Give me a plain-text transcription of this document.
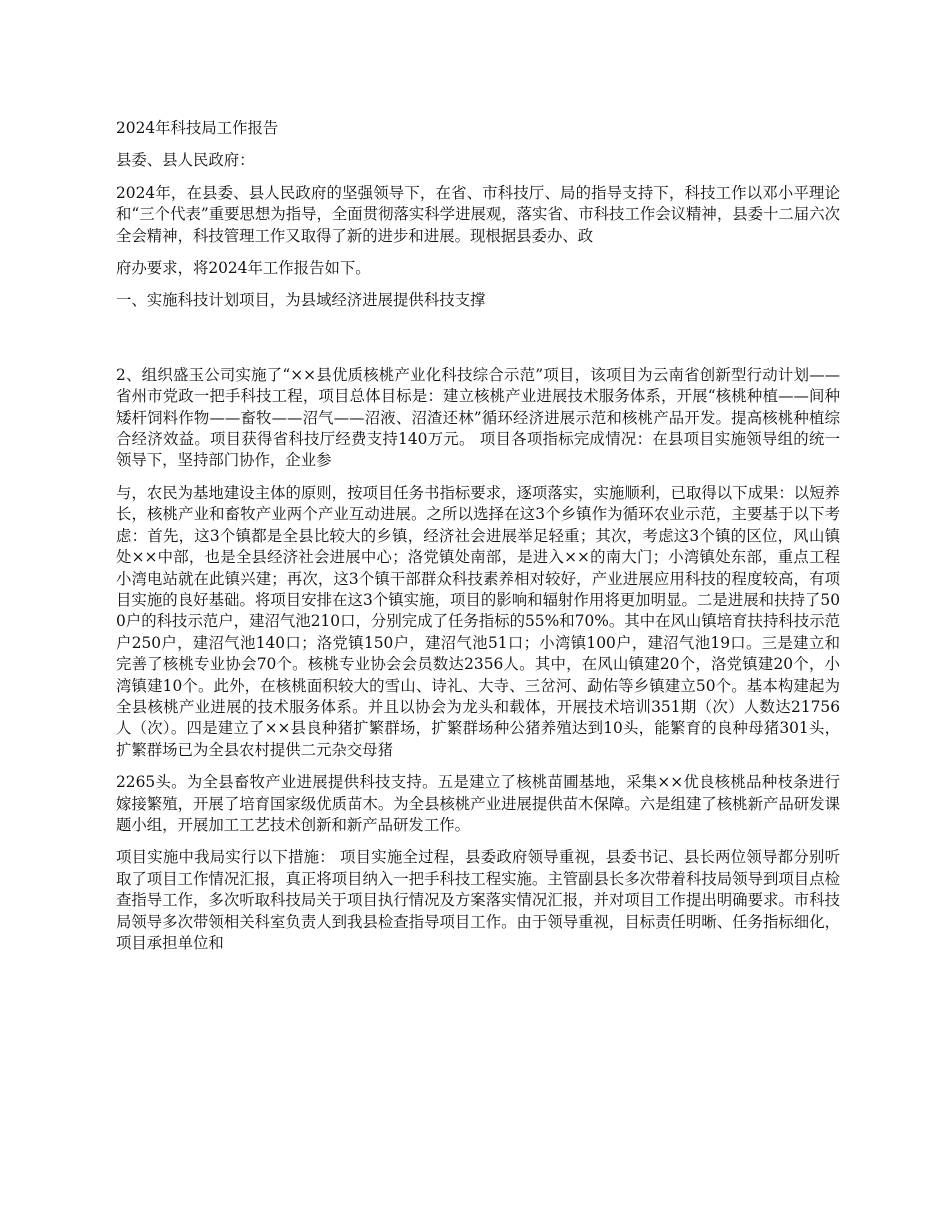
2024年科技局工作报告

县委、县人民政府：

2024年，在县委、县人民政府的坚强领导下，在省、市科技厅、局的指导支持下，科技工作以邓小平理论和“三个代表”重要思想为指导，全面贯彻落实科学进展观，落实省、市科技工作会议精神，县委十二届六次全会精神，科技管理工作又取得了新的进步和进展。现根据县委办、政

府办要求，将2024年工作报告如下。

一、实施科技计划项目，为县域经济进展提供科技支撑

2、组织盛玉公司实施了“××县优质核桃产业化科技综合示范”项目，该项目为云南省创新型行动计划——省州市党政一把手科技工程，项目总体目标是：建立核桃产业进展技术服务体系，开展“核桃种植——间种矮杆饲料作物——畜牧——沼气——沼液、沼渣还林”循环经济进展示范和核桃产品开发。提高核桃种植综合经济效益。项目获得省科技厅经费支持140万元。 项目各项指标完成情况：在县项目实施领导组的统一领导下，坚持部门协作，企业参

与，农民为基地建设主体的原则，按项目任务书指标要求，逐项落实，实施顺利，已取得以下成果：以短养长，核桃产业和畜牧产业两个产业互动进展。之所以选择在这3个乡镇作为循环农业示范，主要基于以下考虑：首先，这3个镇都是全县比较大的乡镇，经济社会进展举足轻重；其次，考虑这3个镇的区位，风山镇处××中部，也是全县经济社会进展中心；洛党镇处南部，是进入××的南大门；小湾镇处东部，重点工程小湾电站就在此镇兴建；再次，这3个镇干部群众科技素养相对较好，产业进展应用科技的程度较高，有项目实施的良好基础。将项目安排在这3个镇实施，项目的影响和辐射作用将更加明显。二是进展和扶持了500户的科技示范户，建沼气池210口，分别完成了任务指标的55%和70%。其中在风山镇培育扶持科技示范户250户，建沼气池140口；洛党镇150户，建沼气池51口；小湾镇100户，建沼气池19口。三是建立和完善了核桃专业协会70个。核桃专业协会会员数达2356人。其中，在风山镇建20个，洛党镇建20个，小湾镇建10个。此外，在核桃面积较大的雪山、诗礼、大寺、三岔河、勐佑等乡镇建立50个。基本构建起为全县核桃产业进展的技术服务体系。并且以协会为龙头和载体，开展技术培训351期（次）人数达21756人（次）。四是建立了××县良种猪扩繁群场，扩繁群场种公猪养殖达到10头，能繁育的良种母猪301头，扩繁群场已为全县农村提供二元杂交母猪

2265头。为全县畜牧产业进展提供科技支持。五是建立了核桃苗圃基地，采集××优良核桃品种枝条进行嫁接繁殖，开展了培育国家级优质苗木。为全县核桃产业进展提供苗木保障。六是组建了核桃新产品研发课题小组，开展加工工艺技术创新和新产品研发工作。

项目实施中我局实行以下措施： 项目实施全过程，县委政府领导重视，县委书记、县长两位领导都分别听取了项目工作情况汇报，真正将项目纳入一把手科技工程实施。主管副县长多次带着科技局领导到项目点检查指导工作，多次听取科技局关于项目执行情况及方案落实情况汇报，并对项目工作提出明确要求。市科技局领导多次带领相关科室负责人到我县检查指导项目工作。由于领导重视，目标责任明晰、任务指标细化，项目承担单位和
